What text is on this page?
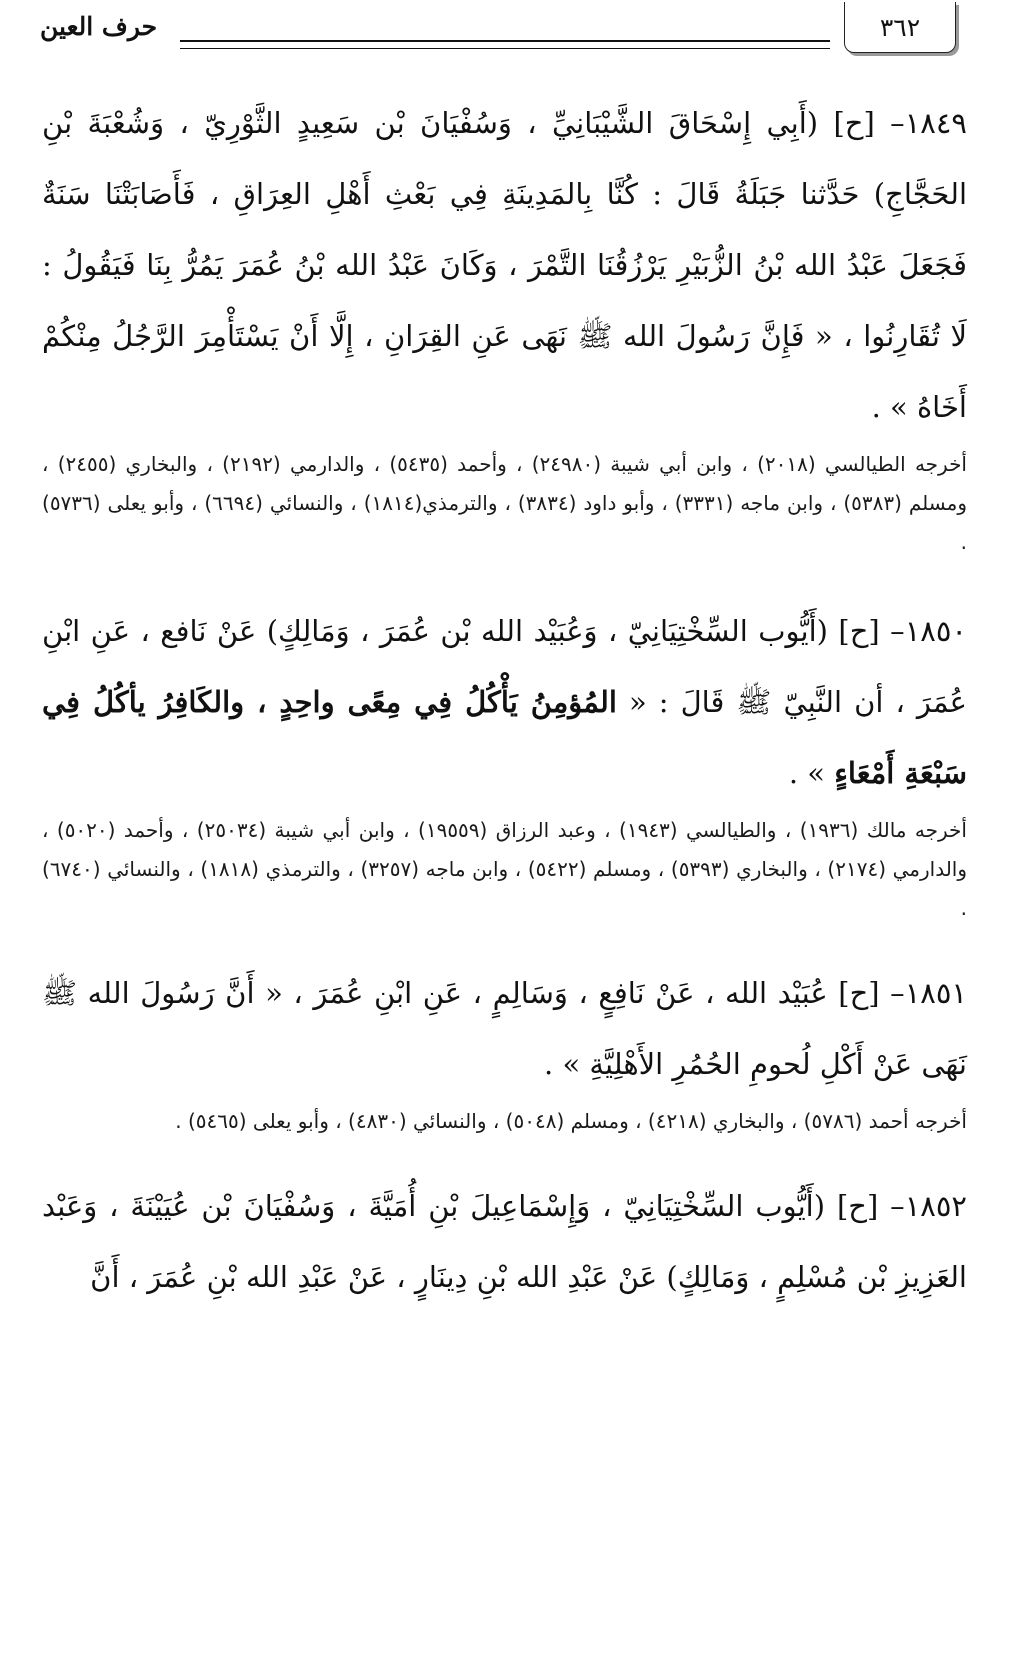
٣٦٢
حرف العين

١٨٤٩– [ح] (أَبِي إِسْحَاقَ الشَّيْبَانِيِّ ، وَسُفْيَانَ بْن سَعِيدٍ الثَّوْرِيّ ، وَشُعْبَةَ بْنِ الحَجَّاجِ) حَدَّثنا جَبَلَةُ قَالَ : كُنَّا بِالمَدِينَةِ فِي بَعْثِ أَهْلِ العِرَاقِ ، فَأَصَابَتْنَا سَنَةٌ فَجَعَلَ عَبْدُ الله بْنُ الزُّبَيْرِ يَرْزُقُنَا التَّمْرَ ، وَكَانَ عَبْدُ الله بْنُ عُمَرَ يَمُرُّ بِنَا فَيَقُولُ : لَا تُقَارِنُوا ، « فَإِنَّ رَسُولَ الله ﷺ نَهَى عَنِ القِرَانِ ، إِلَّا أَنْ يَسْتَأْمِرَ الرَّجُلُ مِنْكُمْ أَخَاهُ » .

أخرجه الطيالسي (٢٠١٨) ، وابن أبي شيبة (٢٤٩٨٠) ، وأحمد (٥٤٣٥) ، والدارمي (٢١٩٢) ، والبخاري (٢٤٥٥) ، ومسلم (٥٣٨٣) ، وابن ماجه (٣٣٣١) ، وأبو داود (٣٨٣٤) ، والترمذي(١٨١٤) ، والنسائي (٦٦٩٤) ، وأبو يعلى (٥٧٣٦) .

١٨٥٠– [ح] (أَيُّوب السِّخْتِيَانِيّ ، وَعُبَيْد الله بْن عُمَرَ ، وَمَالِكٍ) عَنْ نَافع ، عَنِ ابْنِ عُمَرَ ، أن النَّبِيّ ﷺ قَالَ : « المُؤمِنُ يَأْكُلُ فِي مِعًى واحِدٍ ، والكَافِرُ يأكُلُ فِي سَبْعَةِ أَمْعَاءٍ » .

أخرجه مالك (١٩٣٦) ، والطيالسي (١٩٤٣) ، وعبد الرزاق (١٩٥٥٩) ، وابن أبي شيبة (٢٥٠٣٤) ، وأحمد (٥٠٢٠) ، والدارمي (٢١٧٤) ، والبخاري (٥٣٩٣) ، ومسلم (٥٤٢٢) ، وابن ماجه (٣٢٥٧) ، والترمذي (١٨١٨) ، والنسائي (٦٧٤٠) .

١٨٥١– [ح] عُبَيْد الله ، عَنْ نَافِعٍ ، وَسَالِمٍ ، عَنِ ابْنِ عُمَرَ ، « أَنَّ رَسُولَ الله ﷺ نَهَى عَنْ أَكْلِ لُحومِ الحُمُرِ الأَهْلِيَّةِ » .

أخرجه أحمد (٥٧٨٦) ، والبخاري (٤٢١٨) ، ومسلم (٥٠٤٨) ، والنسائي (٤٨٣٠) ، وأبو يعلى (٥٤٦٥) .

١٨٥٢– [ح] (أَيُّوب السِّخْتِيَانِيّ ، وَإِسْمَاعِيلَ بْنِ أُمَيَّةَ ، وَسُفْيَانَ بْن عُيَيْنَةَ ، وَعَبْد العَزِيزِ بْن مُسْلِمٍ ، وَمَالِكٍ) عَنْ عَبْدِ الله بْنِ دِينَارٍ ، عَنْ عَبْدِ الله بْنِ عُمَرَ ، أَنَّ
